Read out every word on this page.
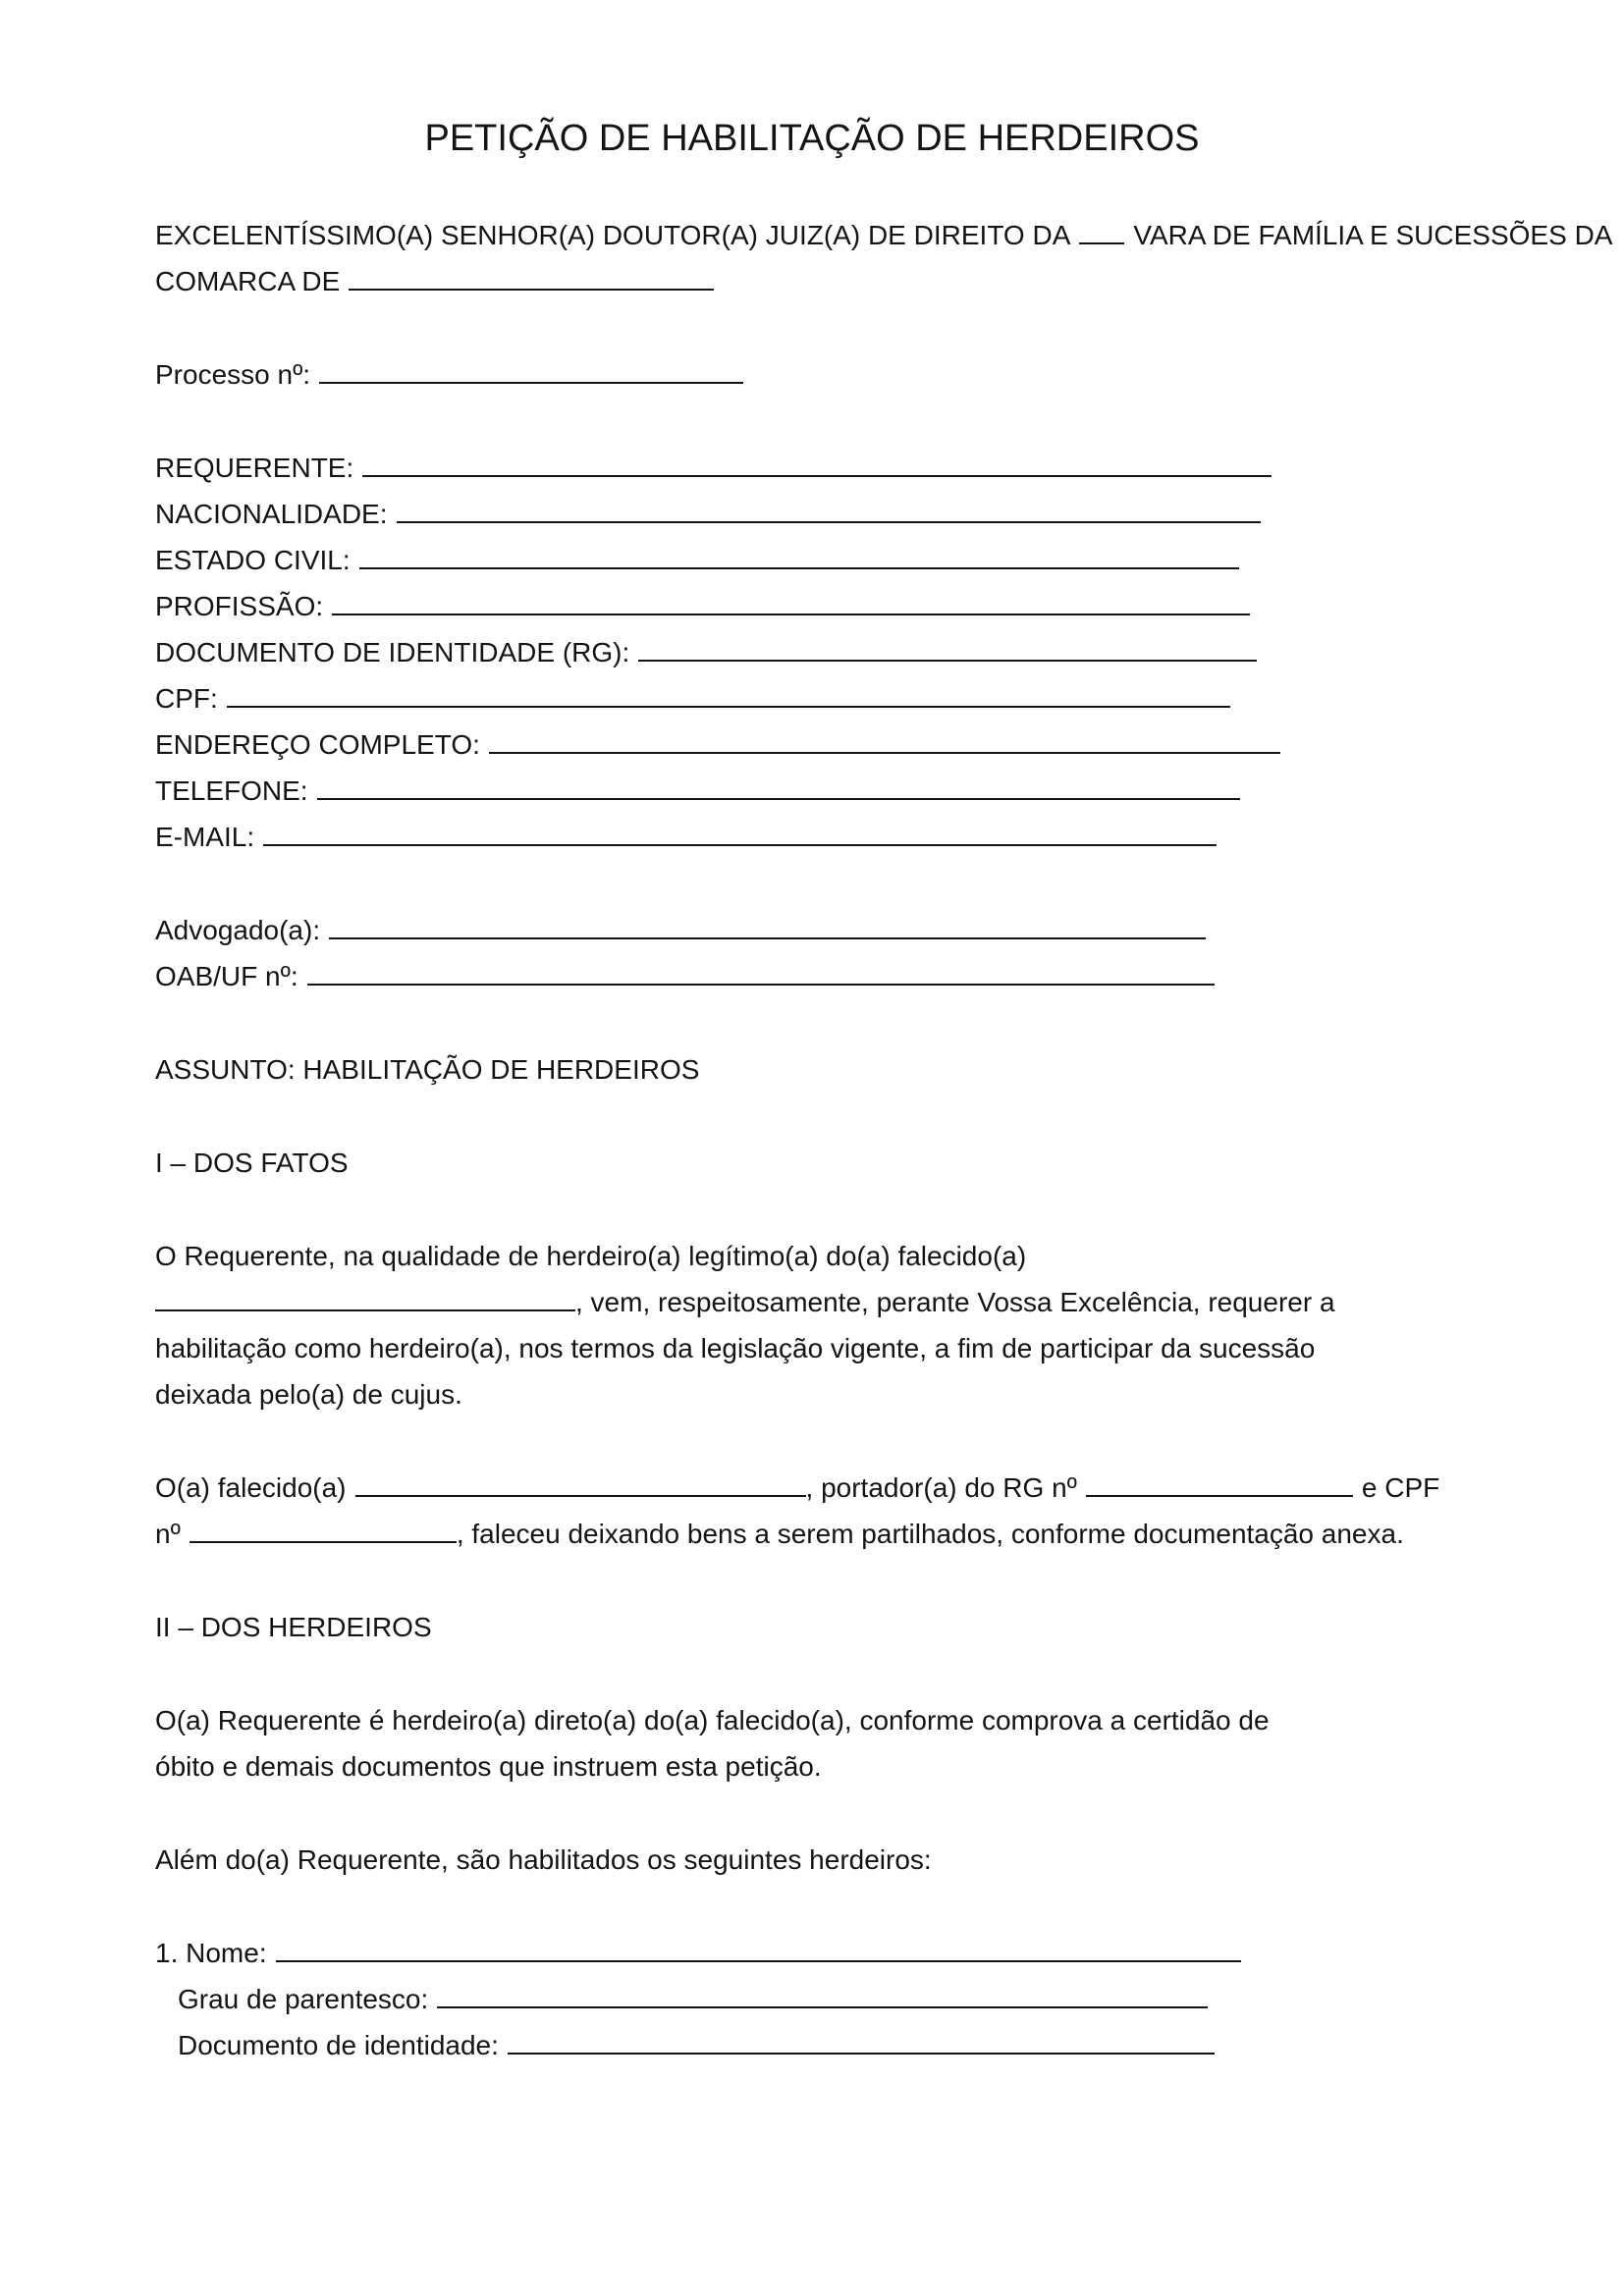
PETIÇÃO DE HABILITAÇÃO DE HERDEIROS
EXCELENTÍSSIMO(A) SENHOR(A) DOUTOR(A) JUIZ(A) DE DIREITO DA VARA DE FAMÍLIA E SUCESSÕES DA
COMARCA DE
Processo nº:
REQUERENTE:
NACIONALIDADE:
ESTADO CIVIL:
PROFISSÃO:
DOCUMENTO DE IDENTIDADE (RG):
CPF:
ENDEREÇO COMPLETO:
TELEFONE:
E-MAIL:
Advogado(a):
OAB/UF nº:
ASSUNTO: HABILITAÇÃO DE HERDEIROS
I – DOS FATOS
O Requerente, na qualidade de herdeiro(a) legítimo(a) do(a) falecido(a)
, vem, respeitosamente, perante Vossa Excelência, requerer a
habilitação como herdeiro(a), nos termos da legislação vigente, a fim de participar da sucessão
deixada pelo(a) de cujus.
O(a) falecido(a)	, portador(a) do RG nº	e CPF
nº	, faleceu deixando bens a serem partilhados, conforme documentação anexa.
II – DOS HERDEIROS
O(a) Requerente é herdeiro(a) direto(a) do(a) falecido(a), conforme comprova a certidão de
óbito e demais documentos que instruem esta petição.
Além do(a) Requerente, são habilitados os seguintes herdeiros:
1. Nome:
Grau de parentesco:
Documento de identidade:
